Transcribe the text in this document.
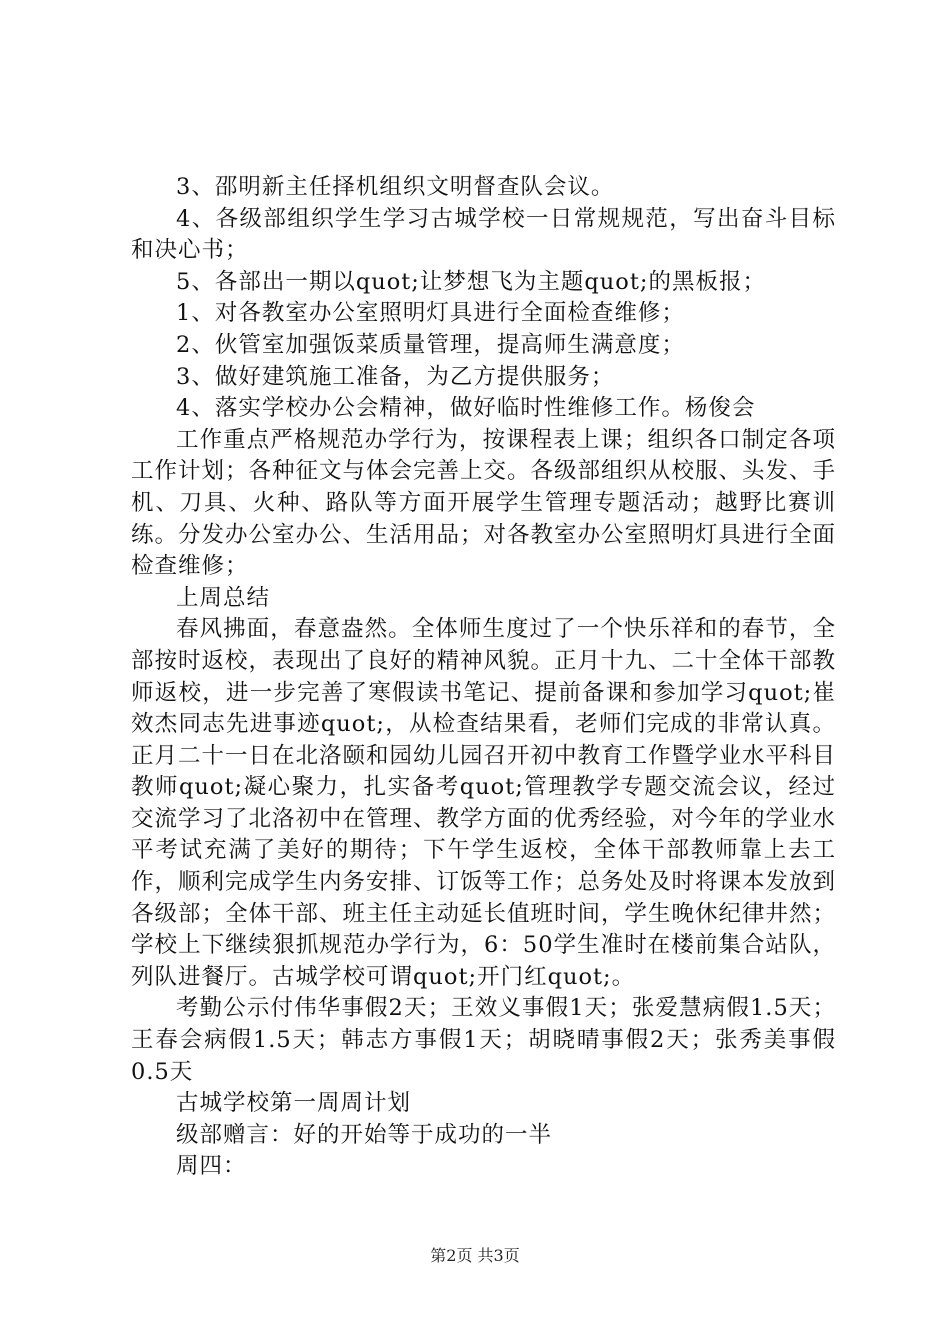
3、邵明新主任择机组织文明督查队会议。

4、各级部组织学生学习古城学校一日常规规范，写出奋斗目标和决心书；

5、各部出一期以quot;让梦想飞为主题quot;的黑板报；

1、对各教室办公室照明灯具进行全面检查维修；

2、伙管室加强饭菜质量管理，提高师生满意度；

3、做好建筑施工准备，为乙方提供服务；

4、落实学校办公会精神，做好临时性维修工作。杨俊会

工作重点严格规范办学行为，按课程表上课；组织各口制定各项工作计划；各种征文与体会完善上交。各级部组织从校服、头发、手机、刀具、火种、路队等方面开展学生管理专题活动；越野比赛训练。分发办公室办公、生活用品；对各教室办公室照明灯具进行全面检查维修；

上周总结

春风拂面，春意盎然。全体师生度过了一个快乐祥和的春节，全部按时返校，表现出了良好的精神风貌。正月十九、二十全体干部教师返校，进一步完善了寒假读书笔记、提前备课和参加学习quot;崔效杰同志先进事迹quot;，从检查结果看，老师们完成的非常认真。正月二十一日在北洛颐和园幼儿园召开初中教育工作暨学业水平科目教师quot;凝心聚力，扎实备考quot;管理教学专题交流会议，经过交流学习了北洛初中在管理、教学方面的优秀经验，对今年的学业水平考试充满了美好的期待；下午学生返校，全体干部教师靠上去工作，顺利完成学生内务安排、订饭等工作；总务处及时将课本发放到各级部；全体干部、班主任主动延长值班时间，学生晚休纪律井然；学校上下继续狠抓规范办学行为，6：50学生准时在楼前集合站队，列队进餐厅。古城学校可谓quot;开门红quot;。

考勤公示付伟华事假2天；王效义事假1天；张爱慧病假1.5天；王春会病假1.5天；韩志方事假1天；胡晓晴事假2天；张秀美事假0.5天

古城学校第一周周计划

级部赠言：好的开始等于成功的一半

周四：

第2页 共3页
